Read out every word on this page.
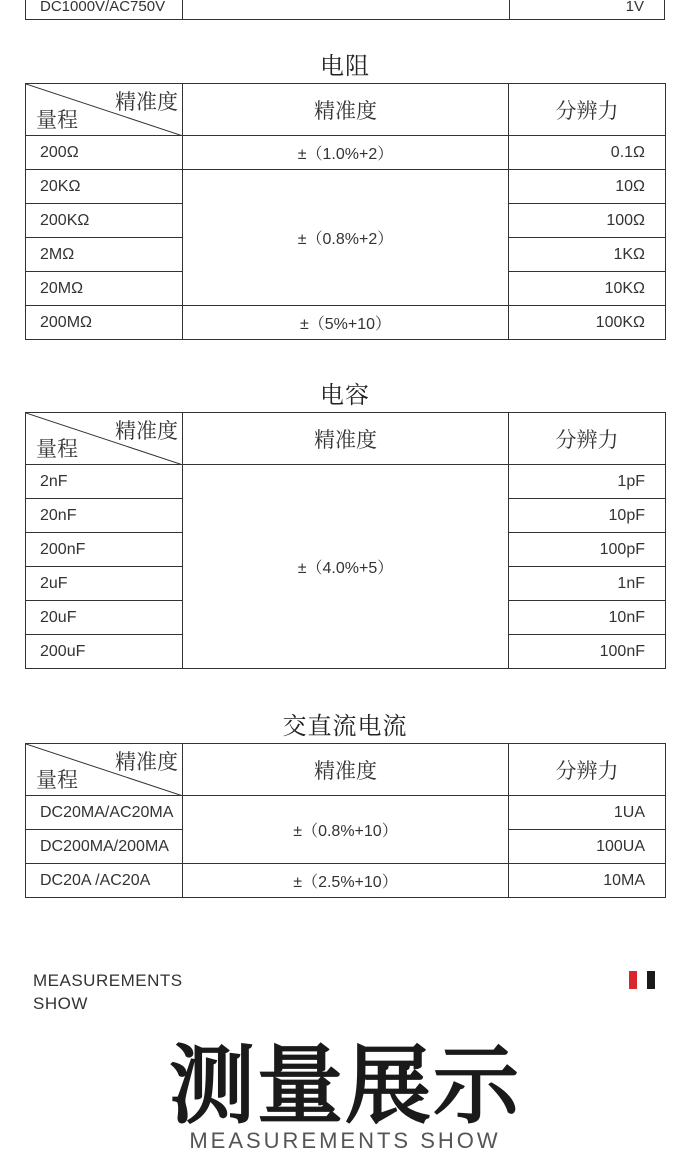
DC1000V/AC750V	1V
电阻
精准度
量程	精准度	分辨力
200Ω	±（1.0%+2）	0.1Ω
20KΩ	±（0.8%+2）	10Ω
200KΩ		100Ω
2MΩ		1KΩ
20MΩ		10KΩ
200MΩ	±（5%+10）	100KΩ
电容
精准度
量程	精准度	分辨力
2nF	±（4.0%+5）	1pF
20nF		10pF
200nF		100pF
2uF		1nF
20uF		10nF
200uF		100nF
交直流电流
精准度
量程	精准度	分辨力
DC20MA/AC20MA	±（0.8%+10）	1UA
DC200MA/200MA		100UA
DC20A /AC20A	±（2.5%+10）	10MA
MEASUREMENTS
SHOW
测量展示
MEASUREMENTS SHOW
